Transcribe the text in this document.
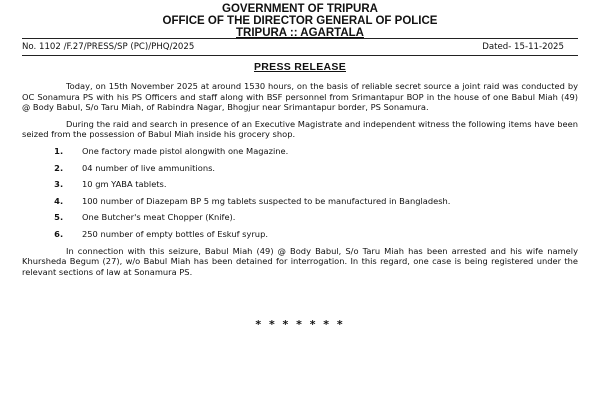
GOVERNMENT OF TRIPURA
OFFICE OF THE DIRECTOR GENERAL OF POLICE
TRIPURA :: AGARTALA
No. 1102 /F.27/PRESS/SP (PC)/PHQ/2025	Dated- 15-11-2025
PRESS RELEASE

Today, on 15th November 2025 at around 1530 hours, on the basis of reliable secret source a joint raid was conducted by OC Sonamura PS with his PS Officers and staff along with BSF personnel from Srimantapur BOP in the house of one Babul Miah (49) @ Body Babul, S/o Taru Miah, of Rabindra Nagar, Bhogjur near Srimantapur border, PS Sonamura.

During the raid and search in presence of an Executive Magistrate and independent witness the following items have been seized from the possession of Babul Miah inside his grocery shop.

1. One factory made pistol alongwith one Magazine.
2. 04 number of live ammunitions.
3. 10 gm YABA tablets.
4. 100 number of Diazepam BP 5 mg tablets suspected to be manufactured in Bangladesh.
5. One Butcher's meat Chopper (Knife).
6. 250 number of empty bottles of Eskuf syrup.

In connection with this seizure, Babul Miah (49) @ Body Babul, S/o Taru Miah has been arrested and his wife namely Khursheda Begum (27), w/o Babul Miah has been detained for interrogation. In this regard, one case is being registered under the relevant sections of law at Sonamura PS.

* * * * * * *
